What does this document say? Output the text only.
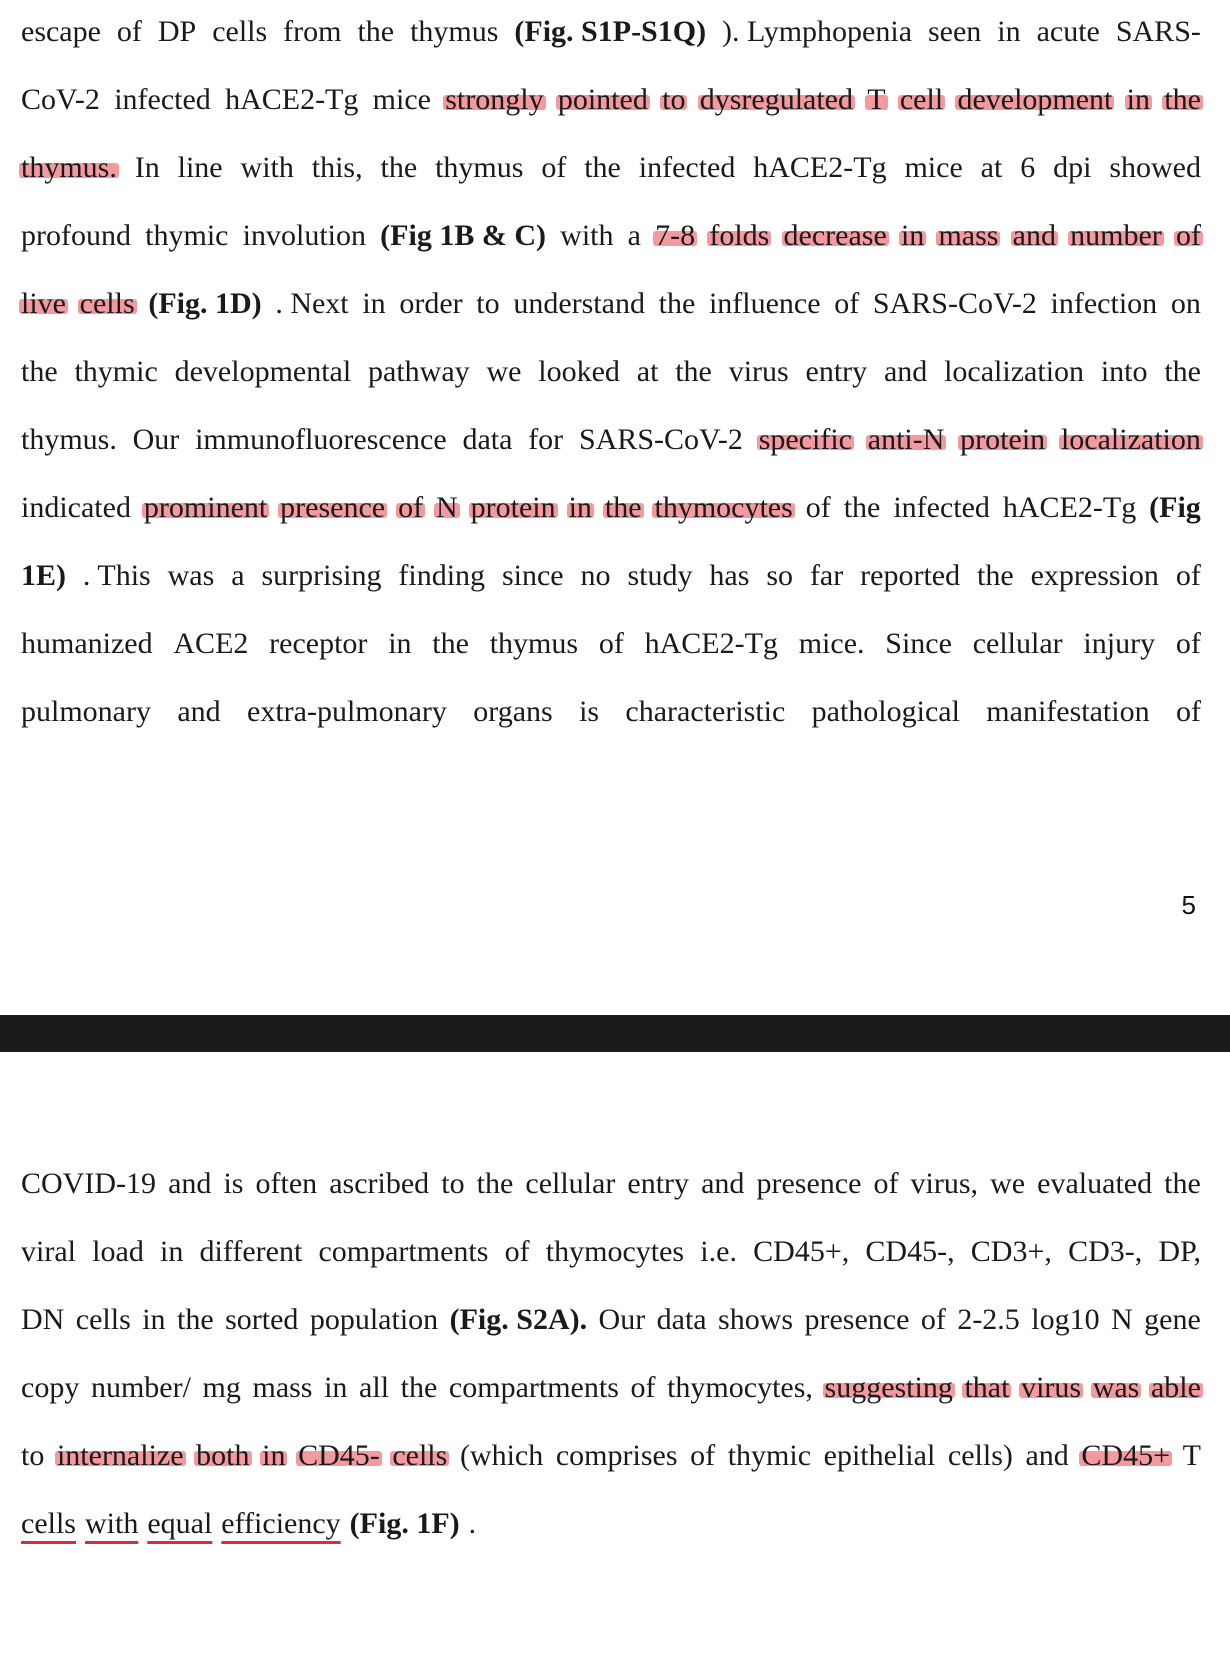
escape of DP cells from the thymus (Fig. S1P-S1Q) ). Lymphopenia seen in acute SARS-
CoV-2 infected hACE2-Tg mice strongly pointed to dysregulated T cell development in the
thymus. In line with this, the thymus of the infected hACE2-Tg mice at 6 dpi showed
profound thymic involution (Fig 1B & C) with a 7-8 folds decrease in mass and number of
live cells (Fig. 1D) . Next in order to understand the influence of SARS-CoV-2 infection on
the thymic developmental pathway we looked at the virus entry and localization into the
thymus. Our immunofluorescence data for SARS-CoV-2 specific anti-N protein localization
indicated prominent presence of N protein in the thymocytes of the infected hACE2-Tg (Fig
1E) . This was a surprising finding since no study has so far reported the expression of
humanized ACE2 receptor in the thymus of hACE2-Tg mice. Since cellular injury of
pulmonary and extra-pulmonary organs is characteristic pathological manifestation of
5
COVID-19 and is often ascribed to the cellular entry and presence of virus, we evaluated the
viral load in different compartments of thymocytes i.e. CD45+, CD45-, CD3+, CD3-, DP,
DN cells in the sorted population (Fig. S2A). Our data shows presence of 2-2.5 log10 N gene
copy number/ mg mass in all the compartments of thymocytes, suggesting that virus was able
to internalize both in CD45- cells (which comprises of thymic epithelial cells) and CD45+ T
cells with equal efficiency (Fig. 1F) .
